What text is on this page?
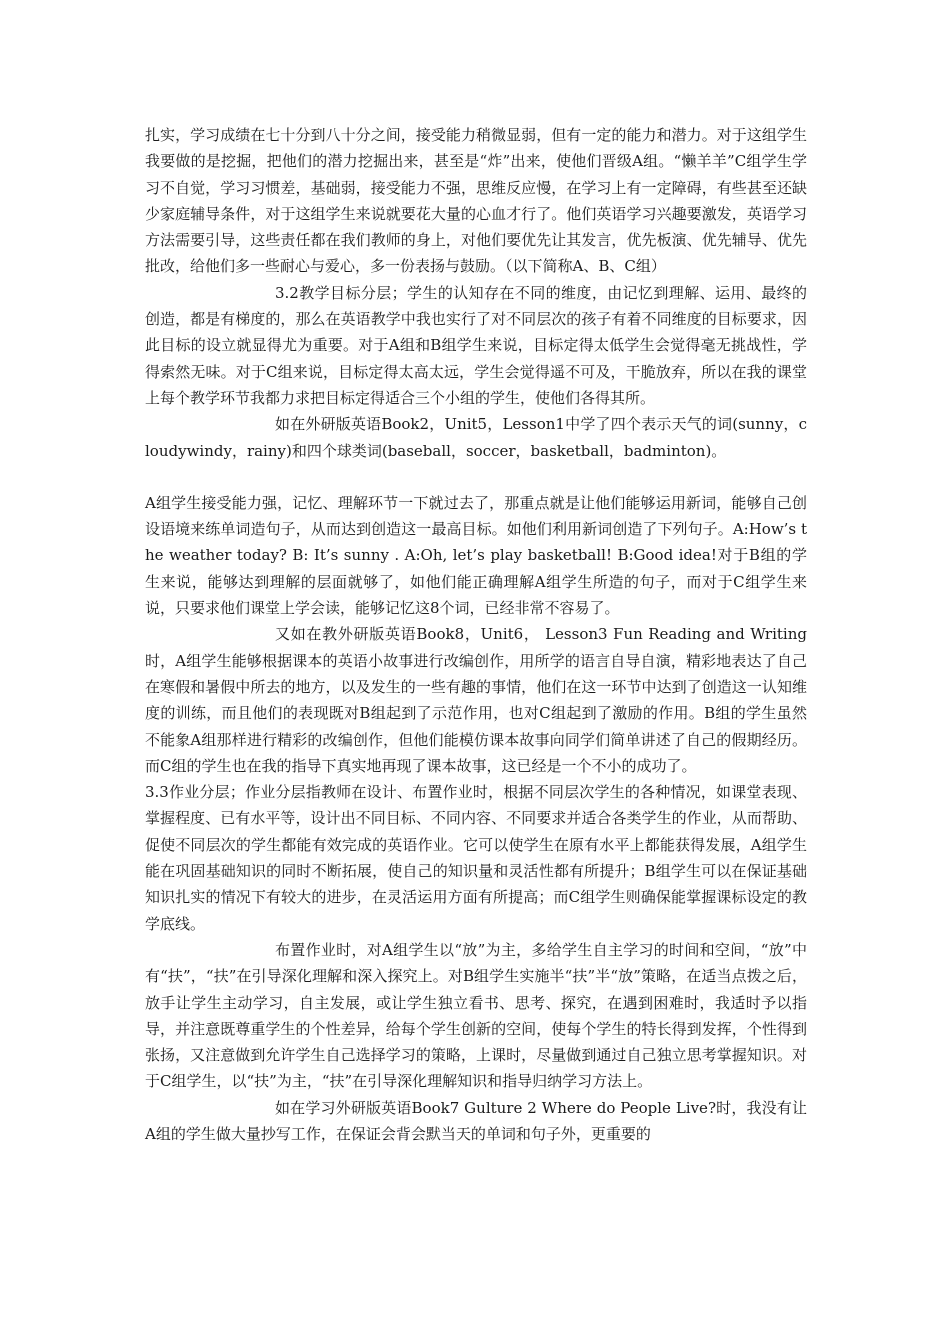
扎实，学习成绩在七十分到八十分之间，接受能力稍微显弱，但有一定的能力和潜力。对于这组学生我要做的是挖掘，把他们的潜力挖掘出来，甚至是“炸”出来，使他们晋级A组。“懒羊羊”C组学生学习不自觉，学习习惯差，基础弱，接受能力不强，思维反应慢，在学习上有一定障碍，有些甚至还缺少家庭辅导条件，对于这组学生来说就要花大量的心血才行了。他们英语学习兴趣要激发，英语学习方法需要引导，这些责任都在我们教师的身上，对他们要优先让其发言，优先板演、优先辅导、优先批改，给他们多一些耐心与爱心，多一份表扬与鼓励。（以下简称A、B、C组）

3.2教学目标分层；学生的认知存在不同的维度，由记忆到理解、运用、最终的创造，都是有梯度的，那么在英语教学中我也实行了对不同层次的孩子有着不同维度的目标要求，因此目标的设立就显得尤为重要。对于A组和B组学生来说，目标定得太低学生会觉得毫无挑战性，学得索然无味。对于C组来说，目标定得太高太远，学生会觉得遥不可及，干脆放弃，所以在我的课堂上每个教学环节我都力求把目标定得适合三个小组的学生，使他们各得其所。

如在外研版英语Book2，Unit5，Lesson1中学了四个表示天气的词(sunny，cloudywindy，rainy)和四个球类词(baseball，soccer，basketball，badminton)。

A组学生接受能力强，记忆、理解环节一下就过去了，那重点就是让他们能够运用新词，能够自己创设语境来练单词造句子，从而达到创造这一最高目标。如他们利用新词创造了下列句子。A:How’s the weather today? B: It’s sunny . A:Oh, let’s play basketball! B:Good idea!对于B组的学生来说，能够达到理解的层面就够了，如他们能正确理解A组学生所造的句子，而对于C组学生来说，只要求他们课堂上学会读，能够记忆这8个词，已经非常不容易了。

又如在教外研版英语Book8，Unit6， Lesson3 Fun Reading and Writing时，A组学生能够根据课本的英语小故事进行改编创作，用所学的语言自导自演，精彩地表达了自己在寒假和暑假中所去的地方，以及发生的一些有趣的事情，他们在这一环节中达到了创造这一认知维度的训练，而且他们的表现既对B组起到了示范作用，也对C组起到了激励的作用。B组的学生虽然不能象A组那样进行精彩的改编创作，但他们能模仿课本故事向同学们简单讲述了自己的假期经历。而C组的学生也在我的指导下真实地再现了课本故事，这已经是一个不小的成功了。

3.3作业分层；作业分层指教师在设计、布置作业时，根据不同层次学生的各种情况，如课堂表现、掌握程度、已有水平等，设计出不同目标、不同内容、不同要求并适合各类学生的作业，从而帮助、促使不同层次的学生都能有效完成的英语作业。它可以使学生在原有水平上都能获得发展，A组学生能在巩固基础知识的同时不断拓展，使自己的知识量和灵活性都有所提升；B组学生可以在保证基础知识扎实的情况下有较大的进步，在灵活运用方面有所提高；而C组学生则确保能掌握课标设定的教学底线。

布置作业时，对A组学生以“放”为主，多给学生自主学习的时间和空间，“放”中有“扶”，“扶”在引导深化理解和深入探究上。对B组学生实施半“扶”半“放”策略，在适当点拨之后，放手让学生主动学习，自主发展，或让学生独立看书、思考、探究，在遇到困难时，我适时予以指导，并注意既尊重学生的个性差异，给每个学生创新的空间，使每个学生的特长得到发挥，个性得到张扬，又注意做到允许学生自己选择学习的策略，上课时，尽量做到通过自己独立思考掌握知识。对于C组学生，以“扶”为主，“扶”在引导深化理解知识和指导归纳学习方法上。

如在学习外研版英语Book7 Gulture 2 Where do People Live?时，我没有让A组的学生做大量抄写工作，在保证会背会默当天的单词和句子外，更重要的
